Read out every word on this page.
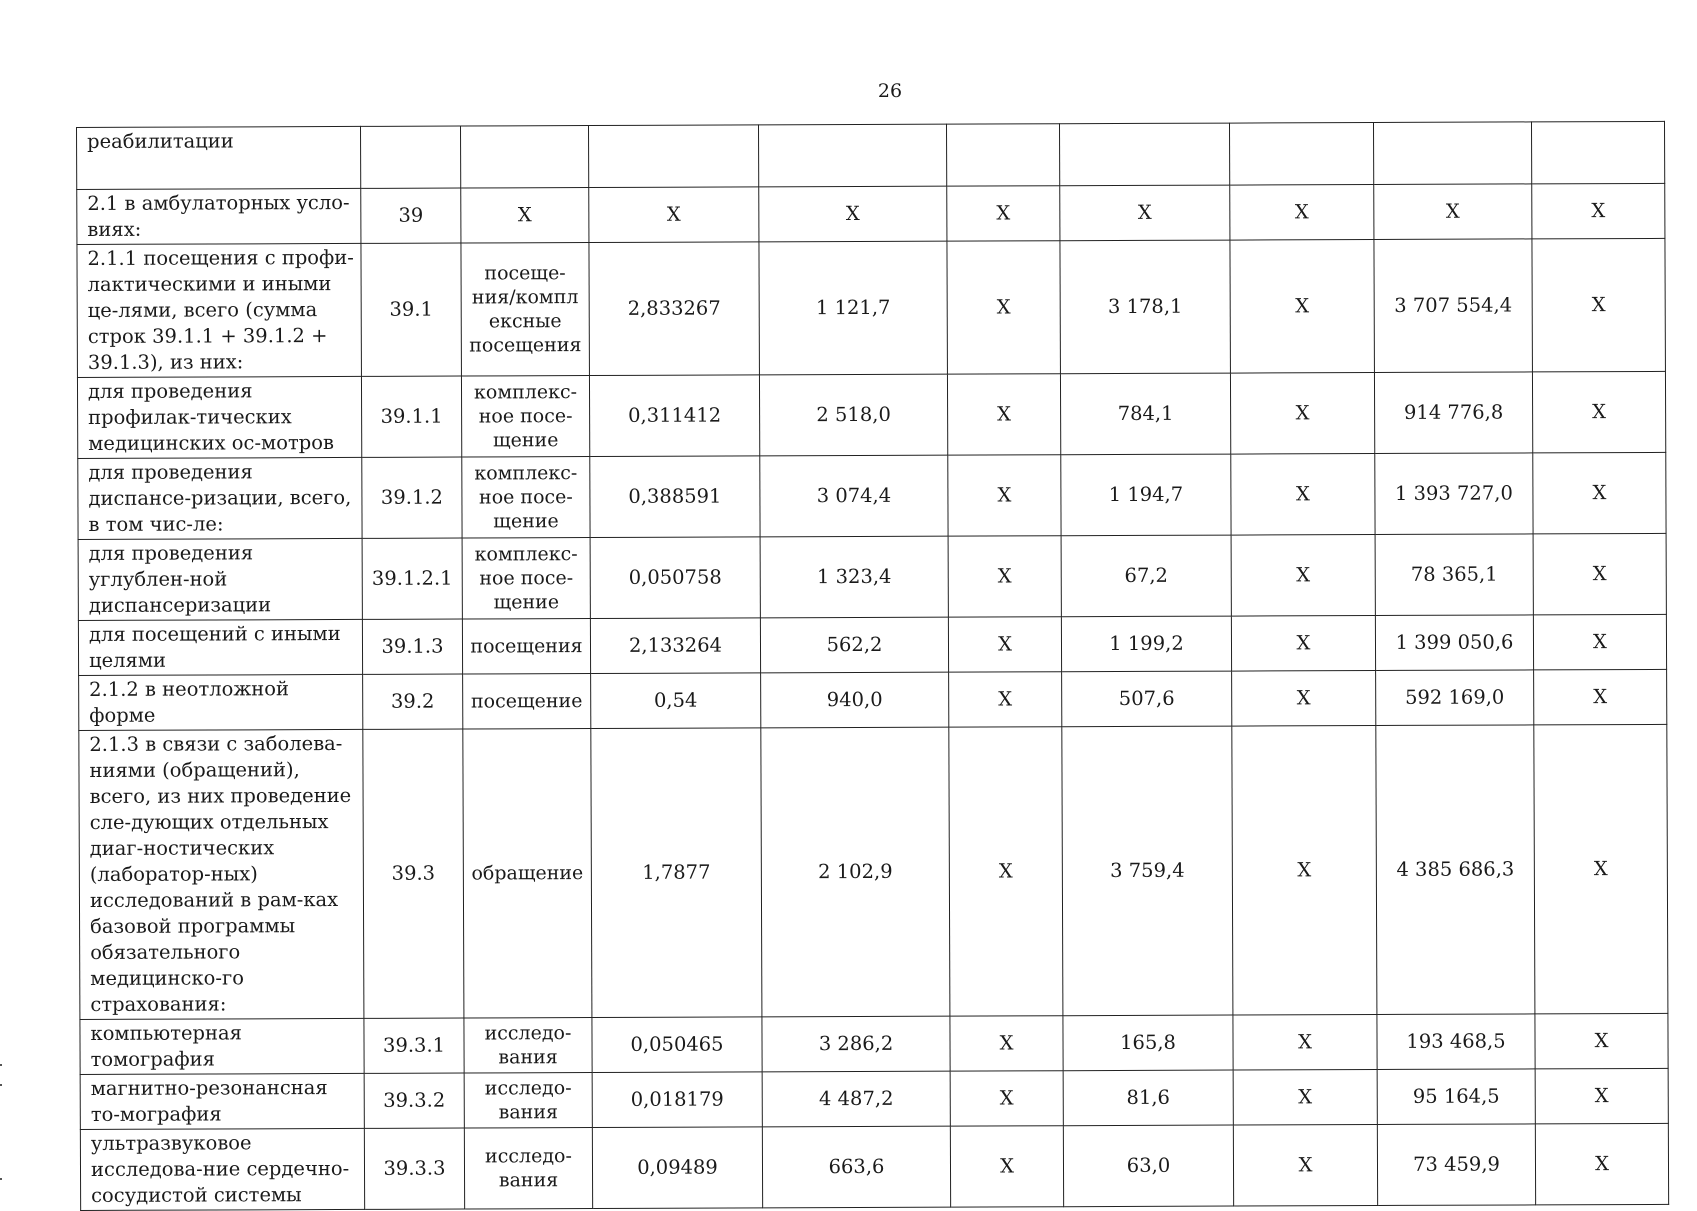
26
реабилитации									
2.1 в амбулаторных усло-виях:	39	Х	Х	Х	Х	Х	Х	Х	Х
2.1.1 посещения с профи-лактическими и иными це-лями, всего (сумма строк 39.1.1 + 39.1.2 + 39.1.3), из них:	39.1	посеще-ния/компл ексные посещения	2,833267	1 121,7	Х	3 178,1	Х	3 707 554,4	Х
для проведения профилак-тических медицинских ос-мотров	39.1.1	комплекс-ное посе-щение	0,311412	2 518,0	Х	784,1	Х	914 776,8	Х
для проведения диспансе-ризации, всего, в том чис-ле:	39.1.2	комплекс-ное посе-щение	0,388591	3 074,4	Х	1 194,7	Х	1 393 727,0	Х
для проведения углублен-ной диспансеризации	39.1.2.1	комплекс-ное посе-щение	0,050758	1 323,4	Х	67,2	Х	78 365,1	Х
для посещений с иными целями	39.1.3	посещения	2,133264	562,2	Х	1 199,2	Х	1 399 050,6	Х
2.1.2 в неотложной форме	39.2	посещение	0,54	940,0	Х	507,6	Х	592 169,0	Х
2.1.3 в связи с заболева-ниями (обращений), всего, из них проведение сле-дующих отдельных диаг-ностических (лаборатор-ных) исследований в рам-ках базовой программы обязательного медицинско-го страхования:	39.3	обращение	1,7877	2 102,9	Х	3 759,4	Х	4 385 686,3	Х
компьютерная томография	39.3.1	исследо-вания	0,050465	3 286,2	Х	165,8	Х	193 468,5	Х
магнитно-резонансная то-мография	39.3.2	исследо-вания	0,018179	4 487,2	Х	81,6	Х	95 164,5	Х
ультразвуковое исследова-ние сердечно-сосудистой системы	39.3.3	исследо-вания	0,09489	663,6	Х	63,0	Х	73 459,9	Х
